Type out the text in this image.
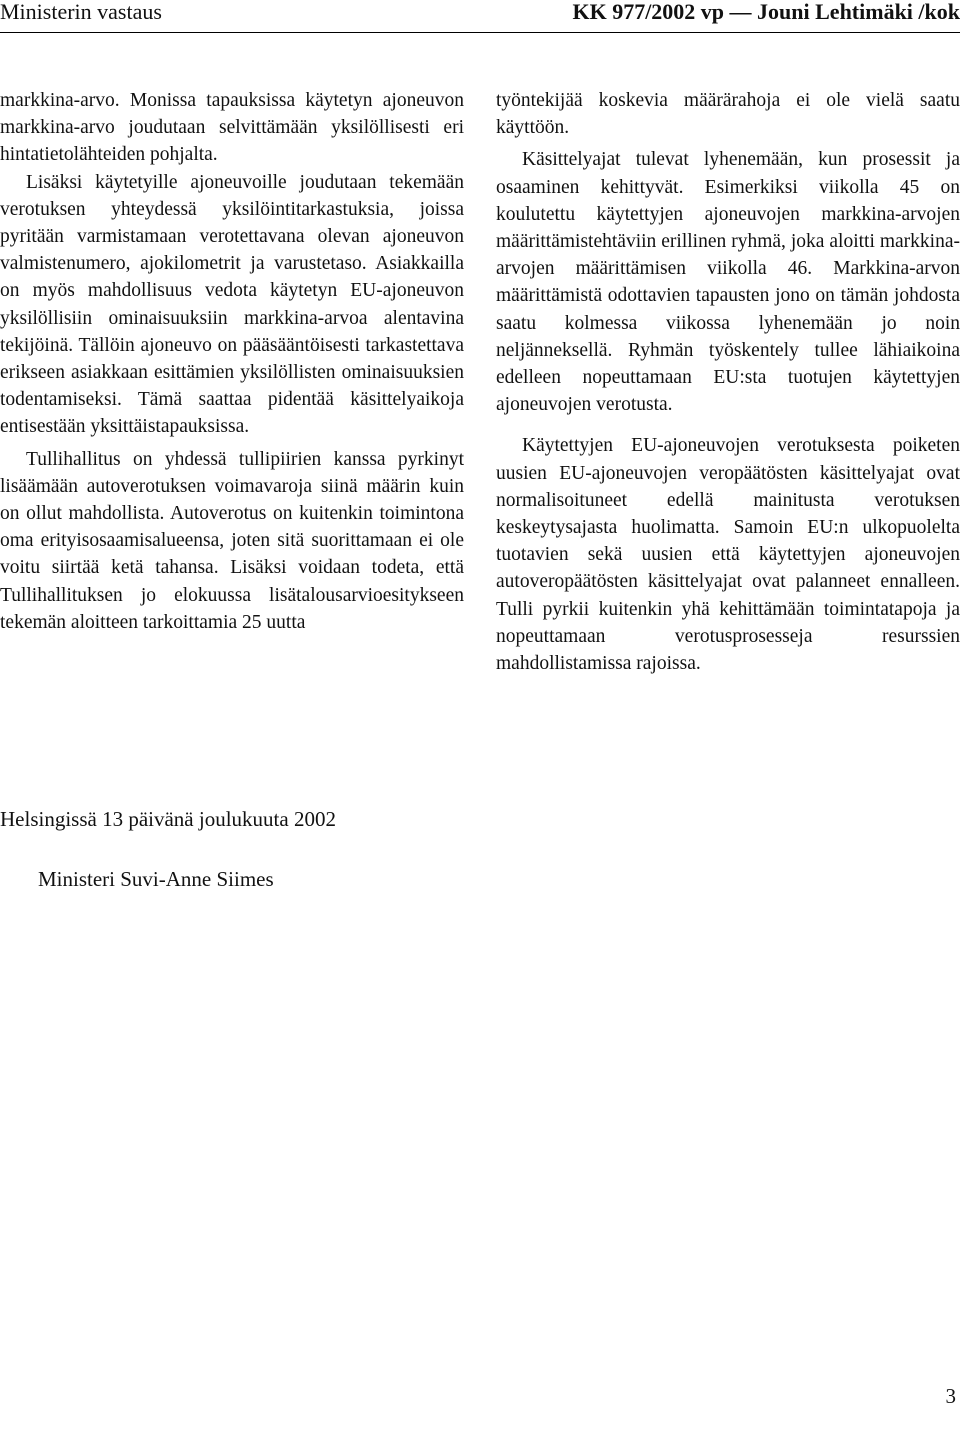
Ministerin vastaus	KK 977/2002 vp — Jouni Lehtimäki /kok

markkina-arvo. Monissa tapauksissa käytetyn ajoneuvon markkina-arvo joudutaan selvittämään yksilöllisesti eri hintatietolähteiden pohjalta.

Lisäksi käytetyille ajoneuvoille joudutaan tekemään verotuksen yhteydessä yksilöintitarkastuksia, joissa pyritään varmistamaan verotettavana olevan ajoneuvon valmistenumero, ajokilometrit ja varustetaso. Asiakkailla on myös mahdollisuus vedota käytetyn EU-ajoneuvon yksilöllisiin ominaisuuksiin markkina-arvoa alentavina tekijöinä. Tällöin ajoneuvo on pääsääntöisesti tarkastettava erikseen asiakkaan esittämien yksilöllisten ominaisuuksien todentamiseksi. Tämä saattaa pidentää käsittelyaikoja entisestään yksittäistapauksissa.

Tullihallitus on yhdessä tullipiirien kanssa pyrkinyt lisäämään autoverotuksen voimavaroja siinä määrin kuin on ollut mahdollista. Autoverotus on kuitenkin toimintona oma erityisosaamisalueensa, joten sitä suorittamaan ei ole voitu siirtää ketä tahansa. Lisäksi voidaan todeta, että Tullihallituksen jo elokuussa lisätalousarvioesitykseen tekemän aloitteen tarkoittamia 25 uutta

työntekijää koskevia määrärahoja ei ole vielä saatu käyttöön.

Käsittelyajat tulevat lyhenemään, kun prosessit ja osaaminen kehittyvät. Esimerkiksi viikolla 45 on koulutettu käytettyjen ajoneuvojen markkina-arvojen määrittämistehtäviin erillinen ryhmä, joka aloitti markkina-arvojen määrittämisen viikolla 46. Markkina-arvon määrittämistä odottavien tapausten jono on tämän johdosta saatu kolmessa viikossa lyhenemään jo noin neljänneksellä. Ryhmän työskentely tullee lähiaikoina edelleen nopeuttamaan EU:sta tuotujen käytettyjen ajoneuvojen verotusta.

Käytettyjen EU-ajoneuvojen verotuksesta poiketen uusien EU-ajoneuvojen veropäätösten käsittelyajat ovat normalisoituneet edellä mainitusta verotuksen keskeytysajasta huolimatta. Samoin EU:n ulkopuolelta tuotavien sekä uusien että käytettyjen ajoneuvojen autoveropäätösten käsittelyajat ovat palanneet ennalleen. Tulli pyrkii kuitenkin yhä kehittämään toimintatapoja ja nopeuttamaan verotusprosesseja resurssien mahdollistamissa rajoissa.

Helsingissä 13 päivänä joulukuuta 2002
Ministeri Suvi-Anne Siimes
3
